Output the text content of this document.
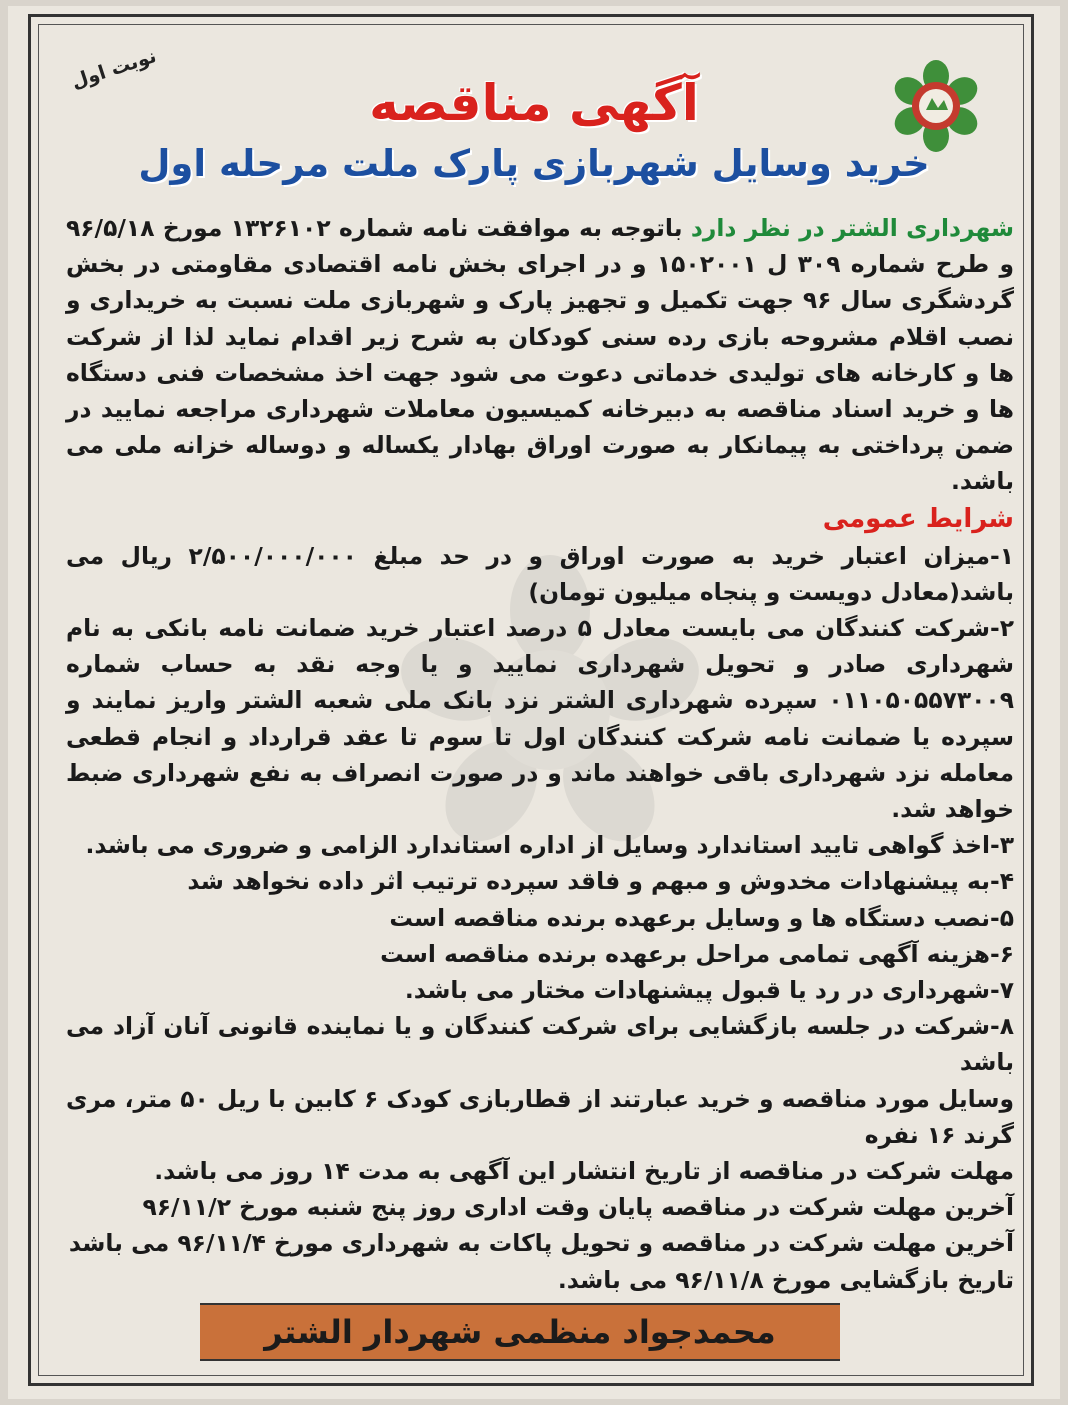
نوبت اول
آگهی مناقصه
خرید وسایل شهربازی پارک ملت مرحله اول

شهرداری الشتر در نظر دارد باتوجه به موافقت نامه شماره ۱۳۲۶۱۰۲ مورخ ۹۶/۵/۱۸ و طرح شماره ۳۰۹ ل ۱۵۰۲۰۰۱ و در اجرای بخش نامه اقتصادی مقاومتی در بخش گردشگری سال ۹۶ جهت تکمیل و تجهیز پارک و شهربازی ملت نسبت به خریداری و نصب اقلام مشروحه بازی رده سنی کودکان به شرح زیر اقدام نماید لذا از شرکت ها و کارخانه های تولیدی خدماتی دعوت می شود جهت اخذ مشخصات فنی دستگاه ها و خرید اسناد مناقصه به دبیرخانه کمیسیون معاملات شهرداری مراجعه نمایید در ضمن پرداختی به پیمانکار به صورت اوراق بهادار یکساله و دوساله خزانه ملی می باشد.

شرایط عمومی

۱-میزان اعتبار خرید به صورت اوراق و در حد مبلغ ۲/۵۰۰/۰۰۰/۰۰۰ ریال می باشد(معادل دویست و پنجاه میلیون تومان)

۲-شرکت کنندگان می بایست معادل ۵ درصد اعتبار خرید ضمانت نامه بانکی به نام شهرداری صادر و تحویل شهرداری نمایید و یا وجه نقد به حساب شماره ۰۱۱۰۵۰۵۵۷۳۰۰۹ سپرده شهرداری الشتر نزد بانک ملی شعبه الشتر واریز نمایند و سپرده یا ضمانت نامه شرکت کنندگان اول تا سوم تا عقد قرارداد و انجام قطعی معامله نزد شهرداری باقی خواهند ماند و در صورت انصراف به نفع شهرداری ضبط خواهد شد.

۳-اخذ گواهی تایید استاندارد وسایل از اداره استاندارد الزامی و ضروری می باشد.

۴-به پیشنهادات مخدوش و مبهم و فاقد سپرده ترتیب اثر داده نخواهد شد

۵-نصب دستگاه ها و وسایل برعهده برنده مناقصه است

۶-هزینه آگهی تمامی مراحل برعهده برنده مناقصه است

۷-شهرداری در رد یا قبول پیشنهادات مختار می باشد.

۸-شرکت در جلسه بازگشایی برای شرکت کنندگان و یا نماینده قانونی آنان آزاد می باشد

وسایل مورد مناقصه و خرید عبارتند از قطاربازی کودک ۶ کابین با ریل ۵۰ متر، مری گرند ۱۶ نفره

مهلت شرکت در مناقصه از تاریخ انتشار این آگهی به مدت ۱۴ روز می باشد.

آخرین مهلت شرکت در مناقصه پایان وقت اداری روز پنج شنبه مورخ ۹۶/۱۱/۲

آخرین مهلت شرکت در مناقصه و تحویل پاکات به شهرداری مورخ ۹۶/۱۱/۴ می باشد

تاریخ بازگشایی مورخ ۹۶/۱۱/۸ می باشد.

محمدجواد منظمی شهردار الشتر
